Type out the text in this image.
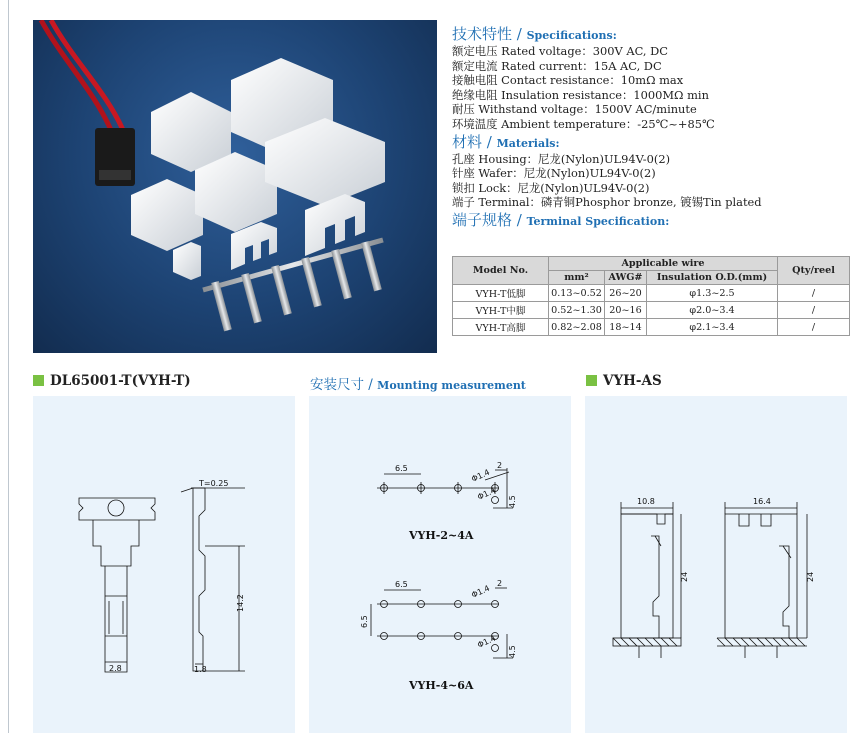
技术特性 / Specifications:
额定电压 Rated voltage：300V AC, DC
额定电流 Rated current：15A AC, DC
接触电阻 Contact resistance：10mΩ max
绝缘电阻 Insulation resistance：1000MΩ min
耐压 Withstand voltage：1500V AC/minute
环境温度 Ambient temperature：-25℃~+85℃
材料 / Materials:
孔座 Housing：尼龙(Nylon)UL94V-0(2)
针座 Wafer：尼龙(Nylon)UL94V-0(2)
锁扣 Lock：尼龙(Nylon)UL94V-0(2)
端子 Terminal：磷青铜Phosphor bronze, 镀锡Tin plated
端子规格 / Terminal Specification:
Model No.	Applicable wire			Qty/reel
	mm²	AWG#	Insulation O.D.(mm)	
VYH-T低脚	0.13~0.52	26~20	φ1.3~2.5	/
VYH-T中脚	0.52~1.30	20~16	φ2.0~3.4	/
VYH-T高脚	0.82~2.08	18~14	φ2.1~3.4	/
DL65001-T(VYH-T)	安装尺寸 / Mounting measurement	VYH-AS
T=0.25
14.2
2.8	1.8
6.5	2
Φ1.4
Φ1.4 4.5
VYH-2~4A
6.5	2
Φ1.4
Φ1.4
4.5
6.5
VYH-4~6A
10.8
24
16.4
24
